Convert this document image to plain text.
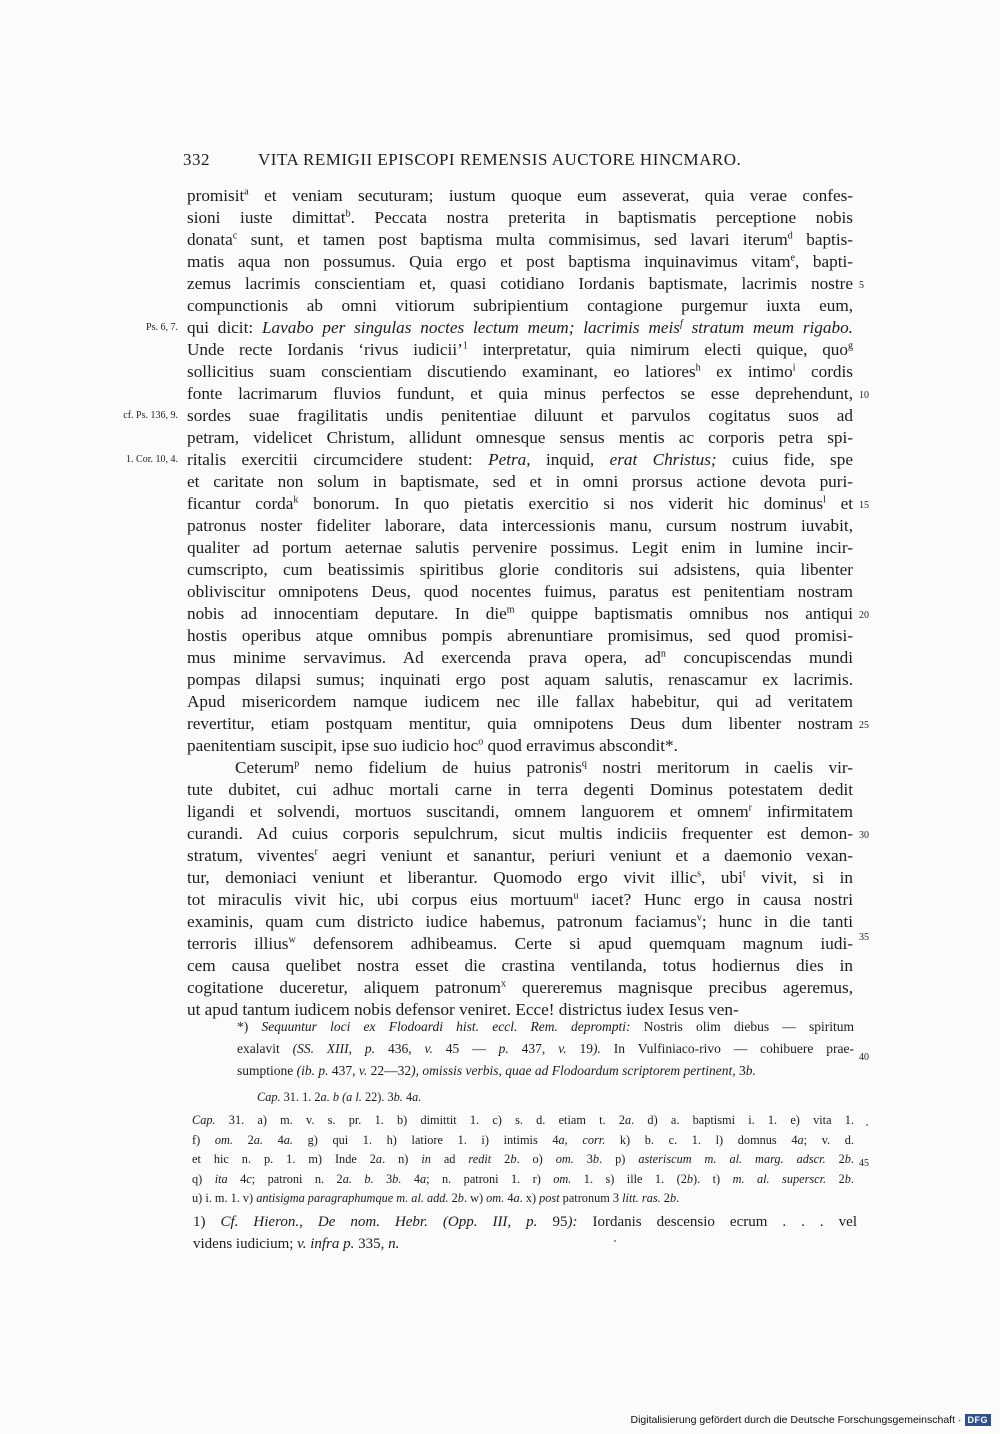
332	VITA REMIGII EPISCOPI REMENSIS AUCTORE HINCMARO.
promisit$^a$ et veniam secuturam; iustum quoque eum asseverat, quia verae confes-
sioni iuste dimittat$^b$. Peccata nostra preterita in baptismatis perceptione nobis
donata$^c$ sunt, et tamen post baptisma multa commisimus, sed lavari iterum$^d$ baptis-
matis aqua non possumus. Quia ergo et post baptisma inquinavimus vitam$^e$, bapti-
zemus lacrimis conscientiam et, quasi cotidiano Iordanis baptismate, lacrimis nostre
compunctionis ab omni vitiorum subripientium contagione purgemur iuxta eum,
qui dicit: Lavabo per singulas noctes lectum meum; lacrimis meis$^f$ stratum meum rigabo.
Unde recte Iordanis ‘rivus iudicii’$^1$ interpretatur, quia nimirum electi quique, quo$^g$
sollicitius suam conscientiam discutiendo examinant, eo latiores$^h$ ex intimo$^i$ cordis
fonte lacrimarum fluvios fundunt, et quia minus perfectos se esse deprehendunt,
sordes suae fragilitatis undis penitentiae diluunt et parvulos cogitatus suos ad
petram, videlicet Christum, allidunt omnesque sensus mentis ac corporis petra spi-
ritalis exercitii circumcidere student: Petra, inquid, erat Christus; cuius fide, spe
et caritate non solum in baptismate, sed et in omni prorsus actione devota puri-
ficantur corda$^k$ bonorum. In quo pietatis exercitio si nos viderit hic dominus$^l$ et
patronus noster fideliter laborare, data intercessionis manu, cursum nostrum iuvabit,
qualiter ad portum aeternae salutis pervenire possimus. Legit enim in lumine incir-
cumscripto, cum beatissimis spiritibus glorie conditoris sui adsistens, quia libenter
obliviscitur omnipotens Deus, quod nocentes fuimus, paratus est penitentiam nostram
nobis ad innocentiam deputare. In die$^m$ quippe baptismatis omnibus nos antiqui
hostis operibus atque omnibus pompis abrenuntiare promisimus, sed quod promisi-
mus minime servavimus. Ad exercenda prava opera, $ad^n$ concupiscendas mundi
pompas dilapsi sumus; inquinati ergo post aquam salutis, renascamur ex lacrimis.
Apud misericordem namque iudicem nec ille fallax habebitur, qui ad veritatem
revertitur, etiam postquam mentitur, quia omnipotens Deus dum libenter nostram
paenitentiam suscipit, ipse suo iudicio hoc$^o$ quod erravimus abscondit*.
Ceterum$^p$ nemo fidelium de huius patronis$^q$ nostri meritorum in caelis vir-
tute dubitet, cui adhuc mortali carne in terra degenti Dominus potestatem dedit
ligandi et solvendi, mortuos suscitandi, omnem languorem et omnem$^r$ infirmitatem
curandi. Ad cuius corporis sepulchrum, sicut multis indiciis frequenter est demon-
stratum, viventes$^r$ aegri veniunt et sanantur, periuri veniunt et a daemonio vexan-
tur, demoniaci veniunt et liberantur. Quomodo ergo vivit illic$^s$, ubi$^t$ vivit, si in
tot miraculis vivit hic, ubi corpus eius mortuum$^u$ iacet? Hunc ergo in causa nostri
examinis, quam cum districto iudice habemus, patronum faciamus$^v$; hunc in die tanti
terroris illius$^w$ defensorem adhibeamus. Certe si apud quemquam magnum iudi-
cem causa quelibet nostra esset die crastina ventilanda, totus hodiernus dies in
cogitatione duceretur, aliquem patronum$^x$ quereremus magnisque precibus ageremus,
ut apud tantum iudicem nobis defensor veniret. Ecce! districtus iudex Iesus ven-
Ps. 6, 7.
cf. Ps. 136, 9.
1. Cor. 10, 4.
5
10
15
20
25
30
35
40
45
*) Sequuntur loci ex Flodoardi hist. eccl. Rem. deprompti: Nostris olim diebus — spiritum
exalavit (SS. XIII, p. 436, v. 45 — p. 437, v. 19). In Vulfiniaco-rivo — cohibuere prae-
sumptione (ib. p. 437, v. 22—32), omissis verbis, quae ad Flodoardum scriptorem pertinent, 3b.
Cap. 31. 1. 2a. b (a l. 22). 3b. 4a.
Cap. 31. a) m. v. s. pr. 1. b) dimittit 1. c) s. d. etiam t. 2a. d) a. baptismi i. 1. e) vita 1.
f) om. 2a. 4a. g) qui 1. h) latiore 1. i) intimis 4a, corr. k) b. c. 1. l) domnus 4a; v. d.
et hic n. p. 1. m) Inde 2a. n) in ad redit 2b. o) om. 3b. p) asteriscum m. al. marg. adscr. 2b.
q) ita 4c; patroni n. 2a. b. 3b. 4a; n. patroni 1. r) om. 1. s) ille 1. (2b). t) m. al. superscr. 2b.
u) i. m. 1. v) antisigma paragraphumque m. al. add. 2b. w) om. 4a. x) post patronum 3 litt. ras. 2b.
1) Cf. Hieron., De nom. Hebr. (Opp. III, p. 95): Iordanis descensio ecrum . . . vel
videns iudicium; v. infra p. 335, n.
Digitalisierung gefördert durch die Deutsche Forschungsgemeinschaft · DFG
